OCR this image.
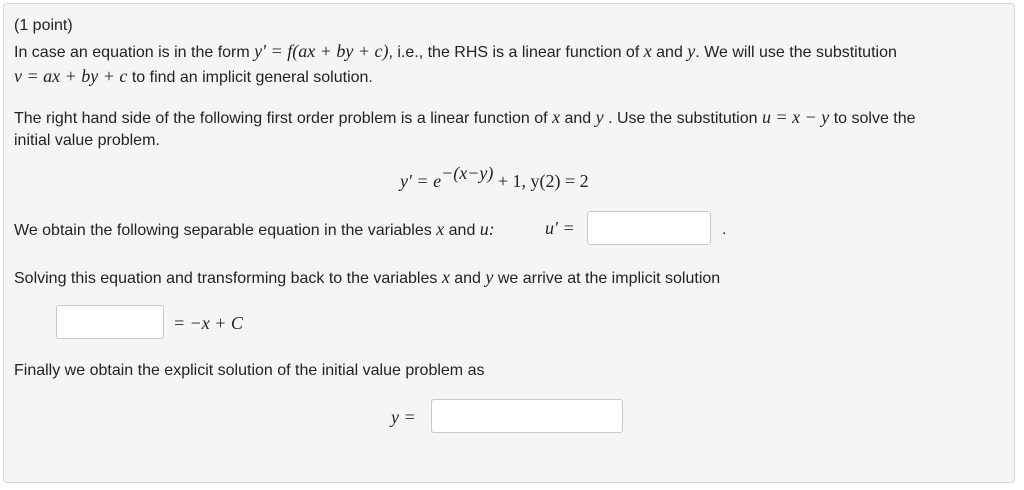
(1 point)
In case an equation is in the form y′ = f(ax + by + c), i.e., the RHS is a linear function of x and y. We will use the substitution
v = ax + by + c to find an implicit general solution.
The right hand side of the following first order problem is a linear function of x and y . Use the substitution u = x − y to solve the
initial value problem.
$y' = e^{-(x-y)} + 1$, y(2) = 2
We obtain the following separable equation in the variables x and u:	u′ =	.
Solving this equation and transforming back to the variables x and y we arrive at the implicit solution
= −x + C
Finally we obtain the explicit solution of the initial value problem as
y =
